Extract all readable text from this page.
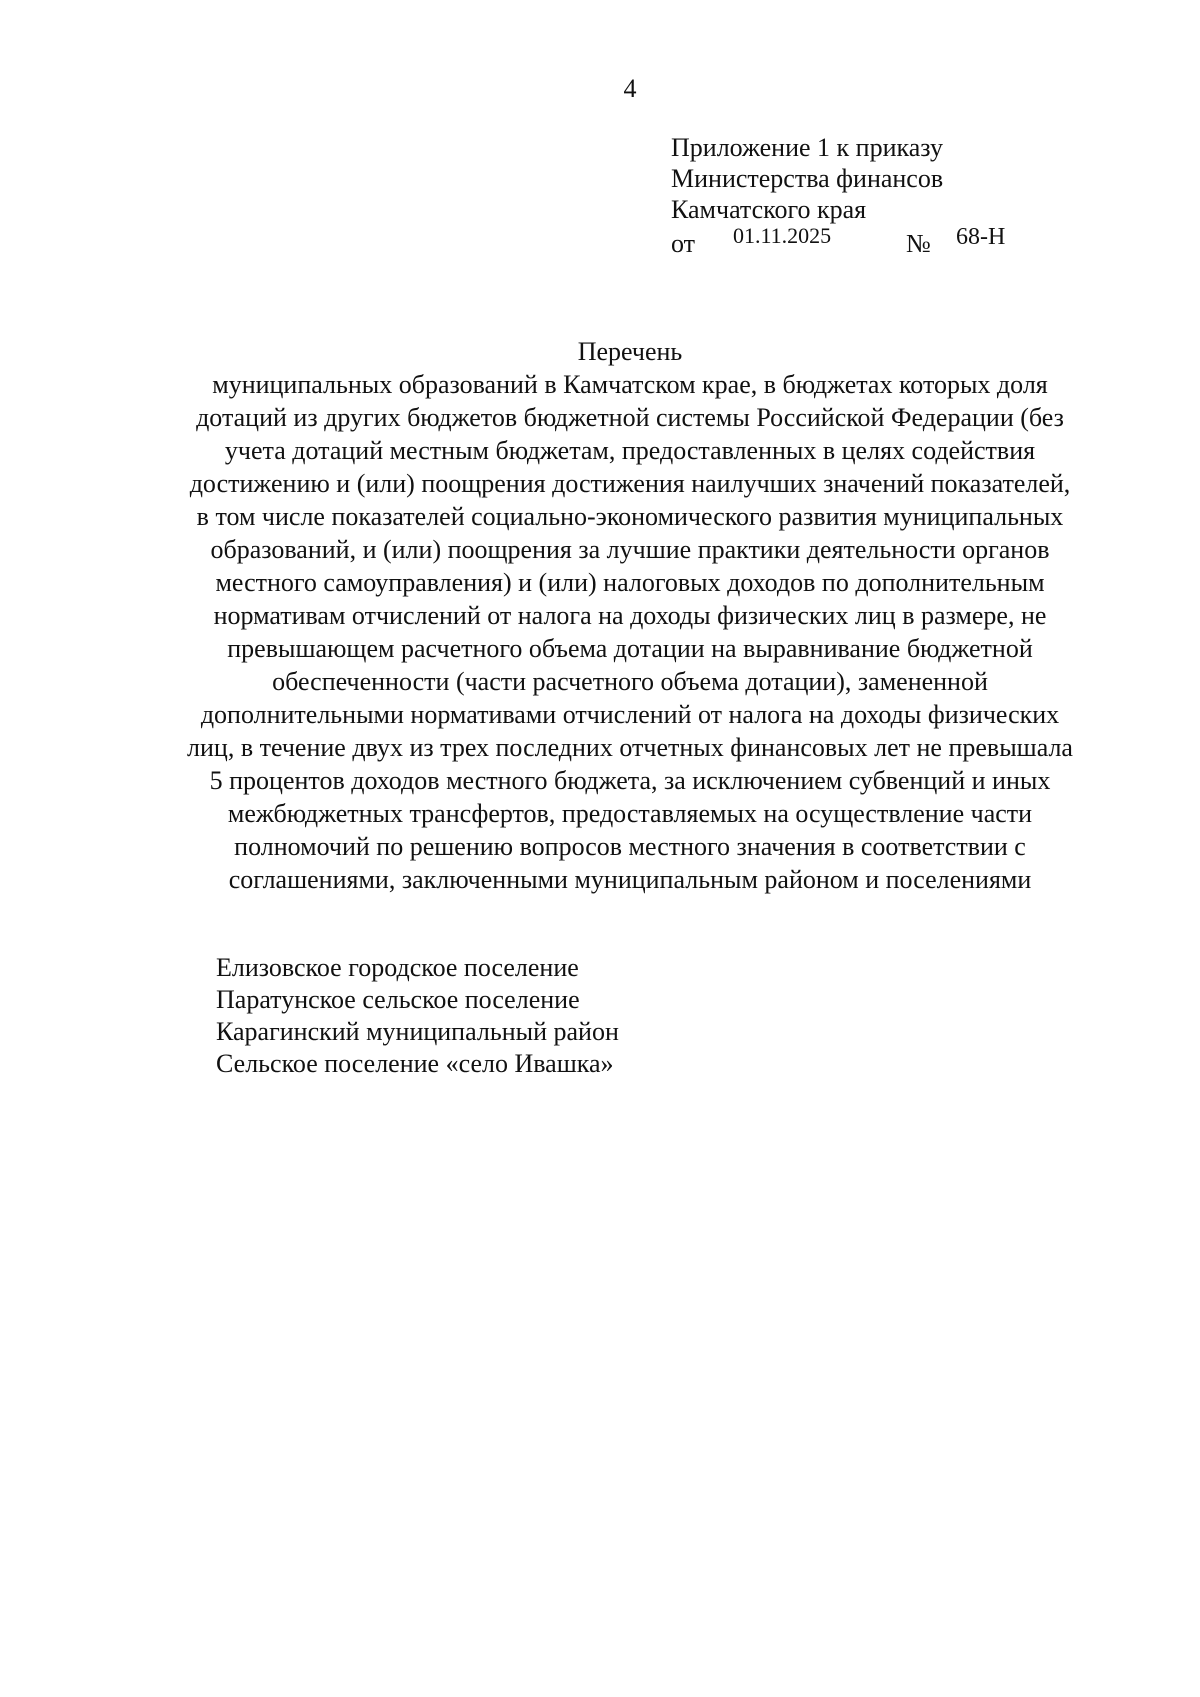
4
Приложение 1 к приказу
Министерства финансов
Камчатского края
от 01.11.2025	№ 68-Н
Перечень
муниципальных образований в Камчатском крае, в бюджетах которых доля
дотаций из других бюджетов бюджетной системы Российской Федерации (без
учета дотаций местным бюджетам, предоставленных в целях содействия
достижению и (или) поощрения достижения наилучших значений показателей,
в том числе показателей социально-экономического развития муниципальных
образований, и (или) поощрения за лучшие практики деятельности органов
местного самоуправления) и (или) налоговых доходов по дополнительным
нормативам отчислений от налога на доходы физических лиц в размере, не
превышающем расчетного объема дотации на выравнивание бюджетной
обеспеченности (части расчетного объема дотации), замененной
дополнительными нормативами отчислений от налога на доходы физических
лиц, в течение двух из трех последних отчетных финансовых лет не превышала
5 процентов доходов местного бюджета, за исключением субвенций и иных
межбюджетных трансфертов, предоставляемых на осуществление части
полномочий по решению вопросов местного значения в соответствии с
соглашениями, заключенными муниципальным районом и поселениями
Елизовское городское поселение
Паратунское сельское поселение
Карагинский муниципальный район
Сельское поселение «село Ивашка»
